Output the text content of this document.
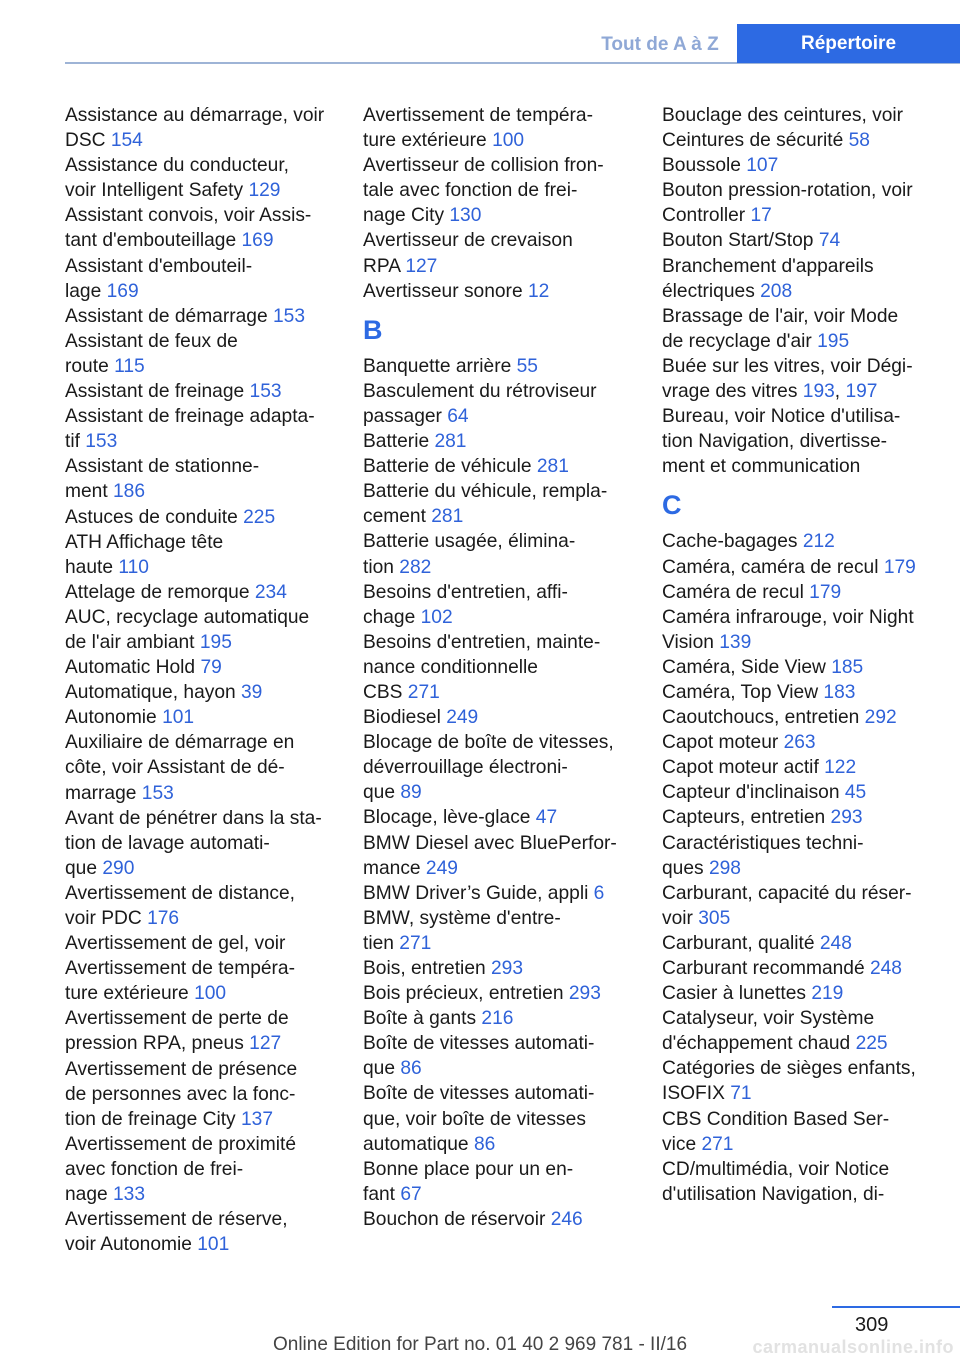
Tout de A à Z	Répertoire
Assistance au démarrage, voir
DSC 154
Assistance du conducteur,
voir Intelligent Safety 129
Assistant convois, voir Assis-
tant d'embouteillage 169
Assistant d'embouteil-
lage 169
Assistant de démarrage 153
Assistant de feux de
route 115
Assistant de freinage 153
Assistant de freinage adapta-
tif 153
Assistant de stationne-
ment 186
Astuces de conduite 225
ATH Affichage tête
haute 110
Attelage de remorque 234
AUC, recyclage automatique
de l'air ambiant 195
Automatic Hold 79
Automatique, hayon 39
Autonomie 101
Auxiliaire de démarrage en
côte, voir Assistant de dé-
marrage 153
Avant de pénétrer dans la sta-
tion de lavage automati-
que 290
Avertissement de distance,
voir PDC 176
Avertissement de gel, voir
Avertissement de tempéra-
ture extérieure 100
Avertissement de perte de
pression RPA, pneus 127
Avertissement de présence
de personnes avec la fonc-
tion de freinage City 137
Avertissement de proximité
avec fonction de frei-
nage 133
Avertissement de réserve,
voir Autonomie 101
Avertissement de tempéra-
ture extérieure 100
Avertisseur de collision fron-
tale avec fonction de frei-
nage City 130
Avertisseur de crevaison
RPA 127
Avertisseur sonore 12
B
Banquette arrière 55
Basculement du rétroviseur
passager 64
Batterie 281
Batterie de véhicule 281
Batterie du véhicule, rempla-
cement 281
Batterie usagée, élimina-
tion 282
Besoins d'entretien, affi-
chage 102
Besoins d'entretien, mainte-
nance conditionnelle
CBS 271
Biodiesel 249
Blocage de boîte de vitesses,
déverrouillage électroni-
que 89
Blocage, lève-glace 47
BMW Diesel avec BluePerfor-
mance 249
BMW Driver’s Guide, appli 6
BMW, système d'entre-
tien 271
Bois, entretien 293
Bois précieux, entretien 293
Boîte à gants 216
Boîte de vitesses automati-
que 86
Boîte de vitesses automati-
que, voir boîte de vitesses
automatique 86
Bonne place pour un en-
fant 67
Bouchon de réservoir 246
Bouclage des ceintures, voir
Ceintures de sécurité 58
Boussole 107
Bouton pression-rotation, voir
Controller 17
Bouton Start/Stop 74
Branchement d'appareils
électriques 208
Brassage de l'air, voir Mode
de recyclage d'air 195
Buée sur les vitres, voir Dégi-
vrage des vitres 193, 197
Bureau, voir Notice d'utilisa-
tion Navigation, divertisse-
ment et communication
C
Cache-bagages 212
Caméra, caméra de recul 179
Caméra de recul 179
Caméra infrarouge, voir Night
Vision 139
Caméra, Side View 185
Caméra, Top View 183
Caoutchoucs, entretien 292
Capot moteur 263
Capot moteur actif 122
Capteur d'inclinaison 45
Capteurs, entretien 293
Caractéristiques techni-
ques 298
Carburant, capacité du réser-
voir 305
Carburant, qualité 248
Carburant recommandé 248
Casier à lunettes 219
Catalyseur, voir Système
d'échappement chaud 225
Catégories de sièges enfants,
ISOFIX 71
CBS Condition Based Ser-
vice 271
CD/multimédia, voir Notice
d'utilisation Navigation, di-
309
Online Edition for Part no. 01 40 2 969 781 - II/16	carmanualsonline.info
